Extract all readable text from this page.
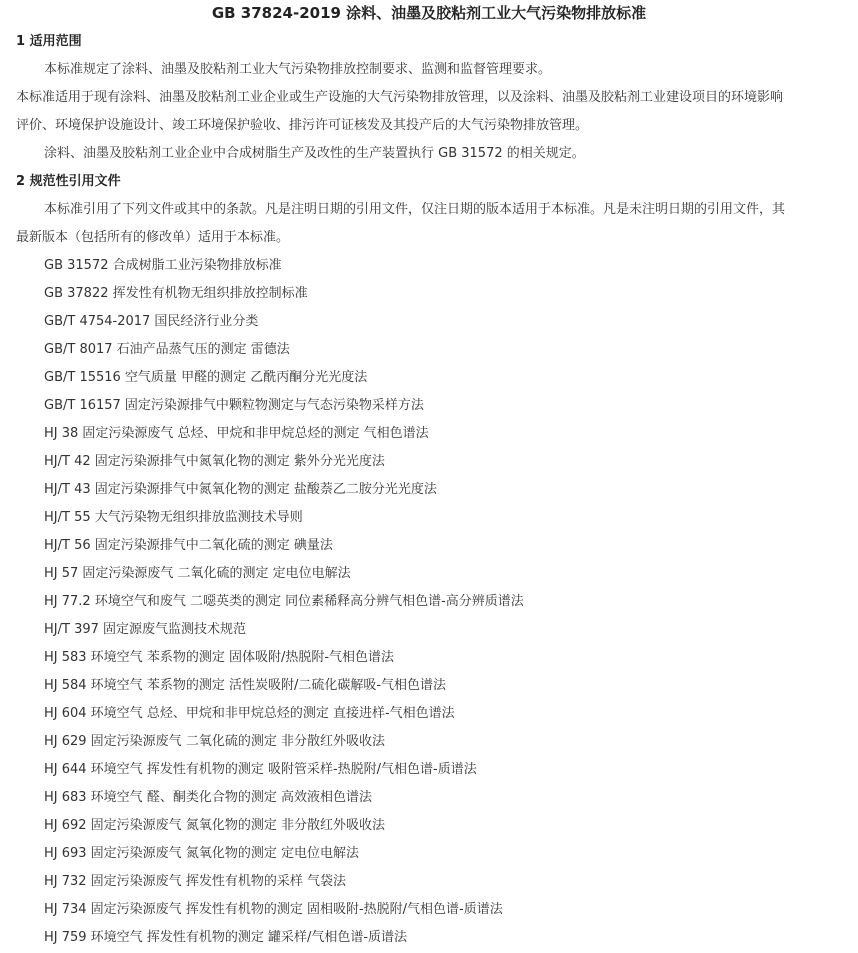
GB 37824-2019 涂料、油墨及胶粘剂工业大气污染物排放标准
1 适用范围
本标准规定了涂料、油墨及胶粘剂工业大气污染物排放控制要求、监测和监督管理要求。
本标准适用于现有涂料、油墨及胶粘剂工业企业或生产设施的大气污染物排放管理，以及涂料、油墨及胶粘剂工业建设项目的环境影响
评价、环境保护设施设计、竣工环境保护验收、排污许可证核发及其投产后的大气污染物排放管理。
涂料、油墨及胶粘剂工业企业中合成树脂生产及改性的生产装置执行 GB 31572 的相关规定。
2 规范性引用文件
本标准引用了下列文件或其中的条款。凡是注明日期的引用文件，仅注日期的版本适用于本标准。凡是未注明日期的引用文件，其
最新版本（包括所有的修改单）适用于本标准。
GB 31572 合成树脂工业污染物排放标准
GB 37822 挥发性有机物无组织排放控制标准
GB/T 4754-2017 国民经济行业分类
GB/T 8017 石油产品蒸气压的测定 雷德法
GB/T 15516 空气质量 甲醛的测定 乙酰丙酮分光光度法
GB/T 16157 固定污染源排气中颗粒物测定与气态污染物采样方法
HJ 38 固定污染源废气 总烃、甲烷和非甲烷总烃的测定 气相色谱法
HJ/T 42 固定污染源排气中氮氧化物的测定 紫外分光光度法
HJ/T 43 固定污染源排气中氮氧化物的测定 盐酸萘乙二胺分光光度法
HJ/T 55 大气污染物无组织排放监测技术导则
HJ/T 56 固定污染源排气中二氧化硫的测定 碘量法
HJ 57 固定污染源废气 二氧化硫的测定 定电位电解法
HJ 77.2 环境空气和废气 二噁英类的测定 同位素稀释高分辨气相色谱-高分辨质谱法
HJ/T 397 固定源废气监测技术规范
HJ 583 环境空气 苯系物的测定 固体吸附/热脱附-气相色谱法
HJ 584 环境空气 苯系物的测定 活性炭吸附/二硫化碳解吸-气相色谱法
HJ 604 环境空气 总烃、甲烷和非甲烷总烃的测定 直接进样-气相色谱法
HJ 629 固定污染源废气 二氧化硫的测定 非分散红外吸收法
HJ 644 环境空气 挥发性有机物的测定 吸附管采样-热脱附/气相色谱-质谱法
HJ 683 环境空气 醛、酮类化合物的测定 高效液相色谱法
HJ 692 固定污染源废气 氮氧化物的测定 非分散红外吸收法
HJ 693 固定污染源废气 氮氧化物的测定 定电位电解法
HJ 732 固定污染源废气 挥发性有机物的采样 气袋法
HJ 734 固定污染源废气 挥发性有机物的测定 固相吸附-热脱附/气相色谱-质谱法
HJ 759 环境空气 挥发性有机物的测定 罐采样/气相色谱-质谱法
